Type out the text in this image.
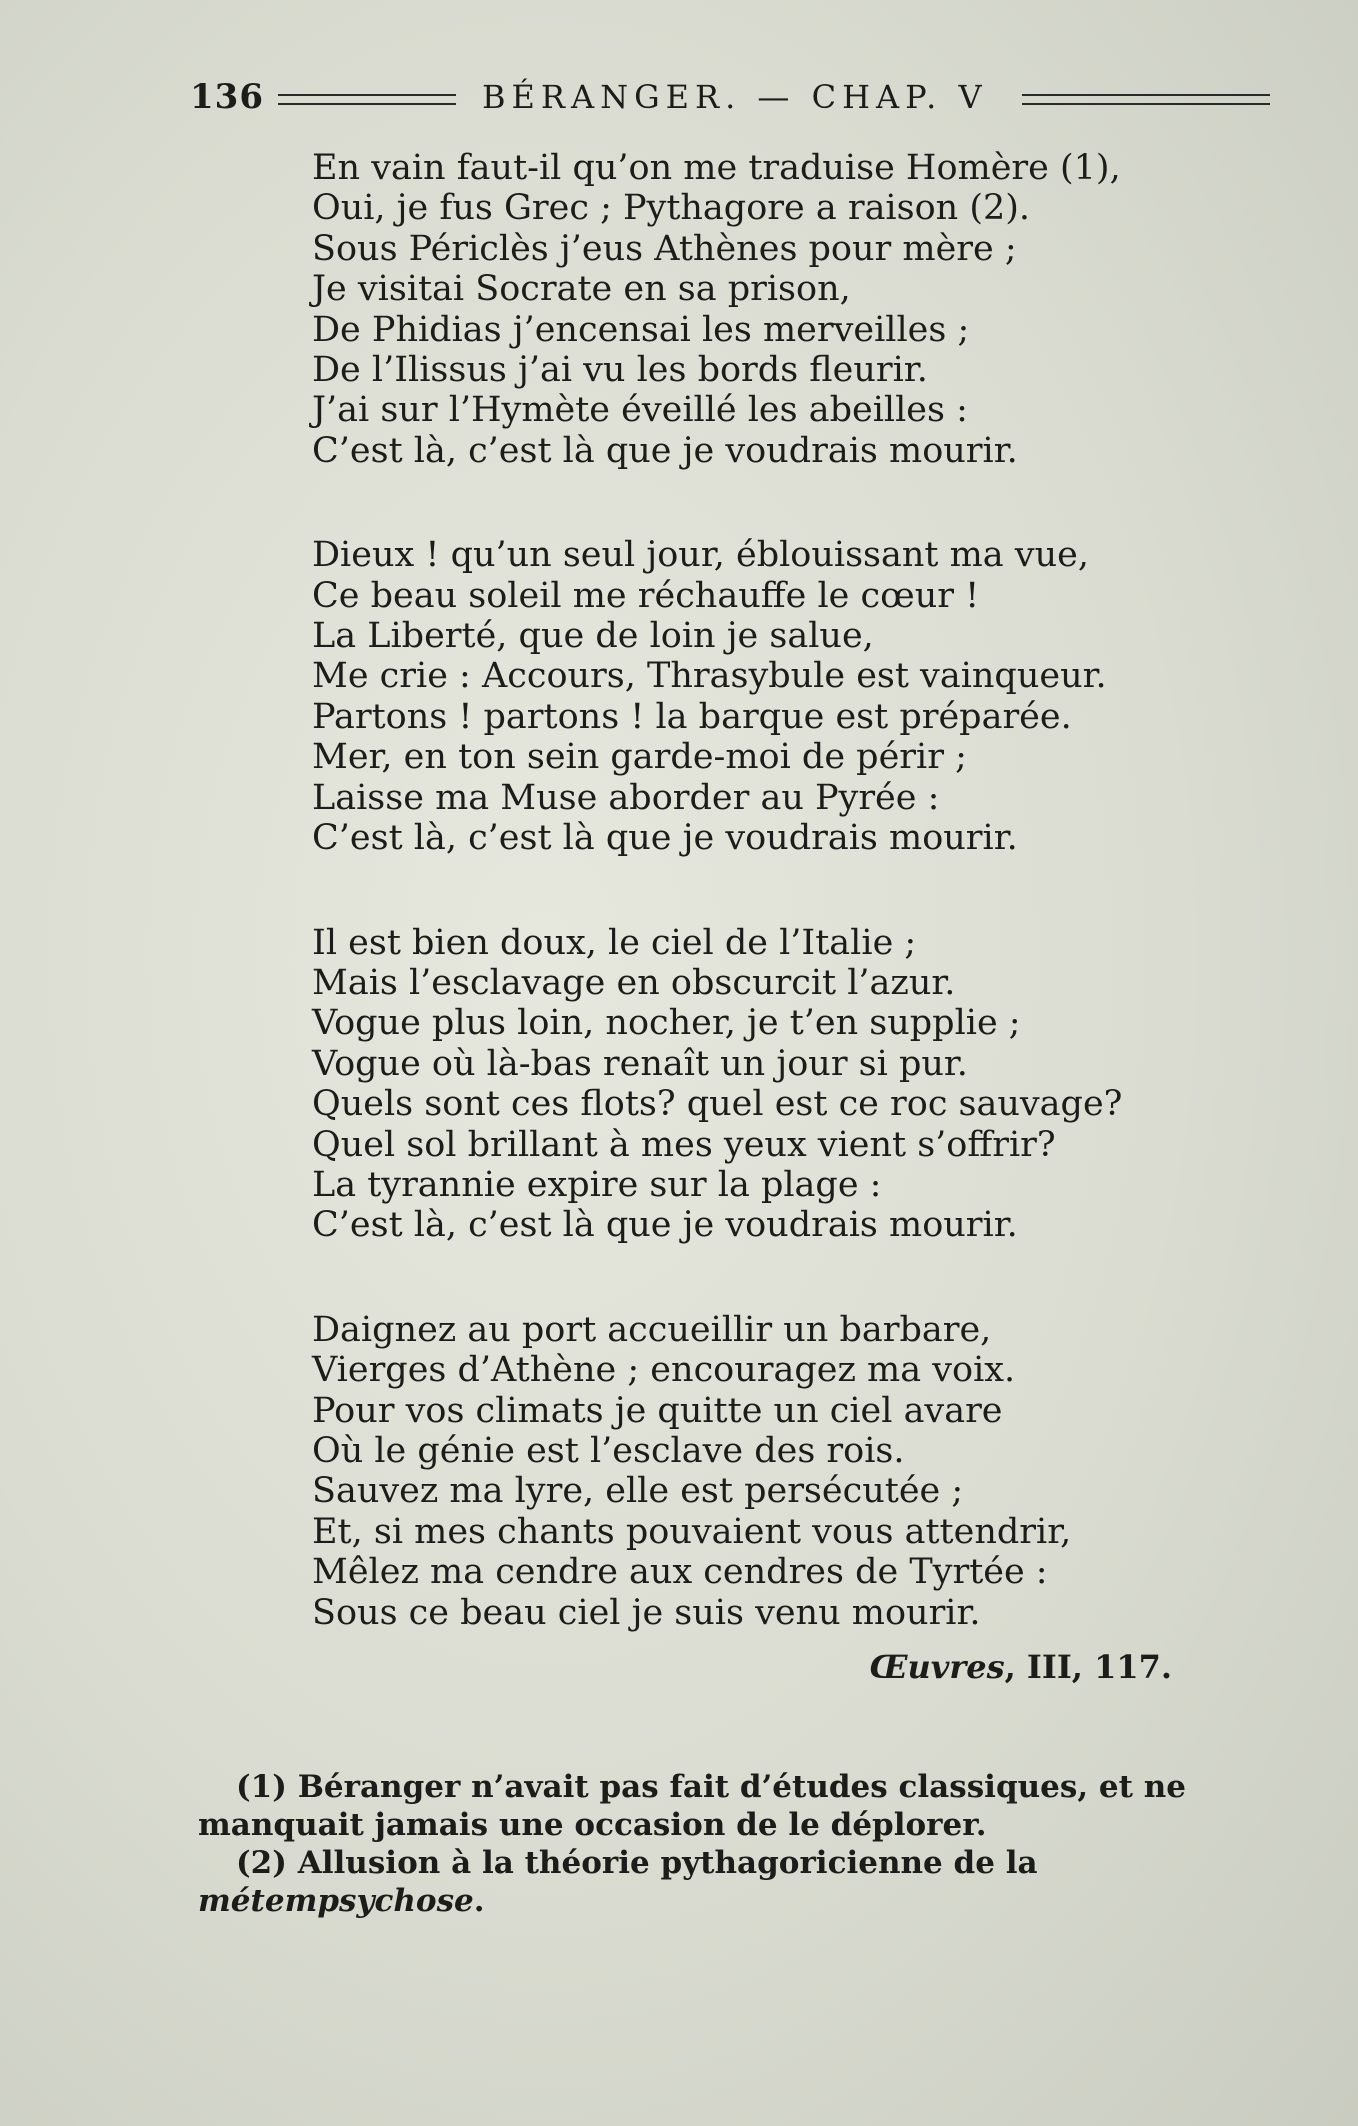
136	BÉRANGER. — CHAP. V
En vain faut-il qu’on me traduise Homère (1),
Oui, je fus Grec ; Pythagore a raison (2).
Sous Périclès j’eus Athènes pour mère ;
Je visitai Socrate en sa prison,
De Phidias j’encensai les merveilles ;
De l’Ilissus j’ai vu les bords fleurir.
J’ai sur l’Hymète éveillé les abeilles :
C’est là, c’est là que je voudrais mourir.
Dieux ! qu’un seul jour, éblouissant ma vue,
Ce beau soleil me réchauffe le cœur !
La Liberté, que de loin je salue,
Me crie : Accours, Thrasybule est vainqueur.
Partons ! partons ! la barque est préparée.
Mer, en ton sein garde-moi de périr ;
Laisse ma Muse aborder au Pyrée :
C’est là, c’est là que je voudrais mourir.
Il est bien doux, le ciel de l’Italie ;
Mais l’esclavage en obscurcit l’azur.
Vogue plus loin, nocher, je t’en supplie ;
Vogue où là-bas renaît un jour si pur.
Quels sont ces flots? quel est ce roc sauvage?
Quel sol brillant à mes yeux vient s’offrir?
La tyrannie expire sur la plage :
C’est là, c’est là que je voudrais mourir.
Daignez au port accueillir un barbare,
Vierges d’Athène ; encouragez ma voix.
Pour vos climats je quitte un ciel avare
Où le génie est l’esclave des rois.
Sauvez ma lyre, elle est persécutée ;
Et, si mes chants pouvaient vous attendrir,
Mêlez ma cendre aux cendres de Tyrtée :
Sous ce beau ciel je suis venu mourir.
Œuvres, III, 117.

(1) Béranger n’avait pas fait d’études classiques, et ne manquait jamais une occasion de le déplorer.

(2) Allusion à la théorie pythagoricienne de la métempsychose.
